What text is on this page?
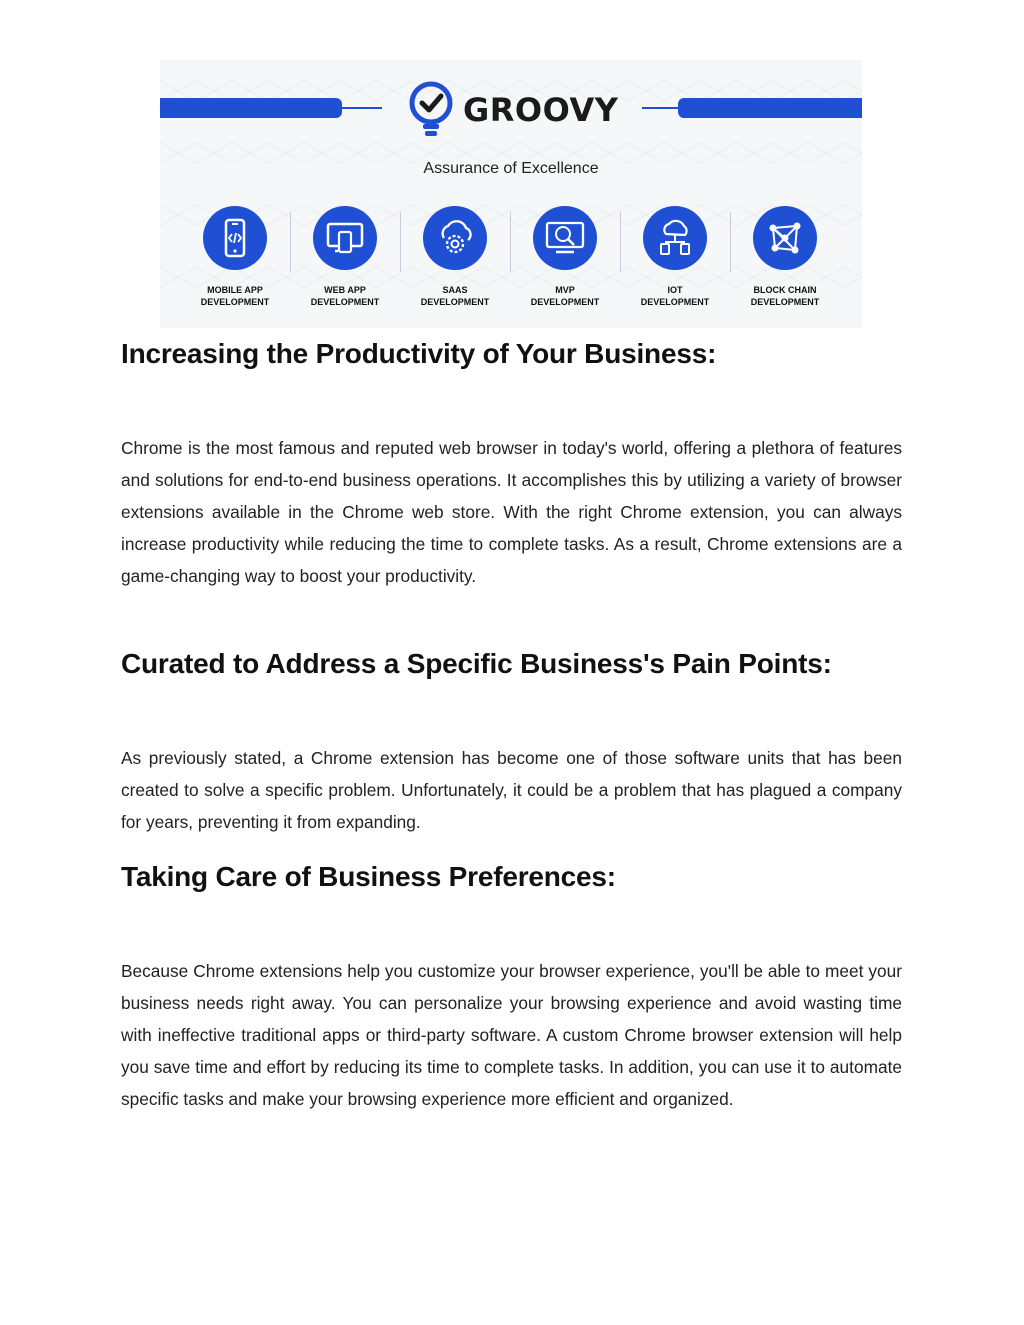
GROOVY
Assurance of Excellence
MOBILE APP
DEVELOPMENT
WEB APP
DEVELOPMENT
SAAS
DEVELOPMENT
MVP
DEVELOPMENT
IOT
DEVELOPMENT
BLOCK CHAIN
DEVELOPMENT
Increasing the Productivity of Your Business:

Chrome is the most famous and reputed web browser in today's world, offering a plethora of features and solutions for end-to-end business operations. It accomplishes this by utilizing a variety of browser extensions available in the Chrome web store. With the right Chrome extension, you can always increase productivity while reducing the time to complete tasks. As a result, Chrome extensions are a game-changing way to boost your productivity.

Curated to Address a Specific Business's Pain Points:

As previously stated, a Chrome extension has become one of those software units that has been created to solve a specific problem. Unfortunately, it could be a problem that has plagued a company for years, preventing it from expanding.

Taking Care of Business Preferences:

Because Chrome extensions help you customize your browser experience, you'll be able to meet your business needs right away. You can personalize your browsing experience and avoid wasting time with ineffective traditional apps or third-party software. A custom Chrome browser extension will help you save time and effort by reducing its time to complete tasks. In addition, you can use it to automate specific tasks and make your browsing experience more efficient and organized.
